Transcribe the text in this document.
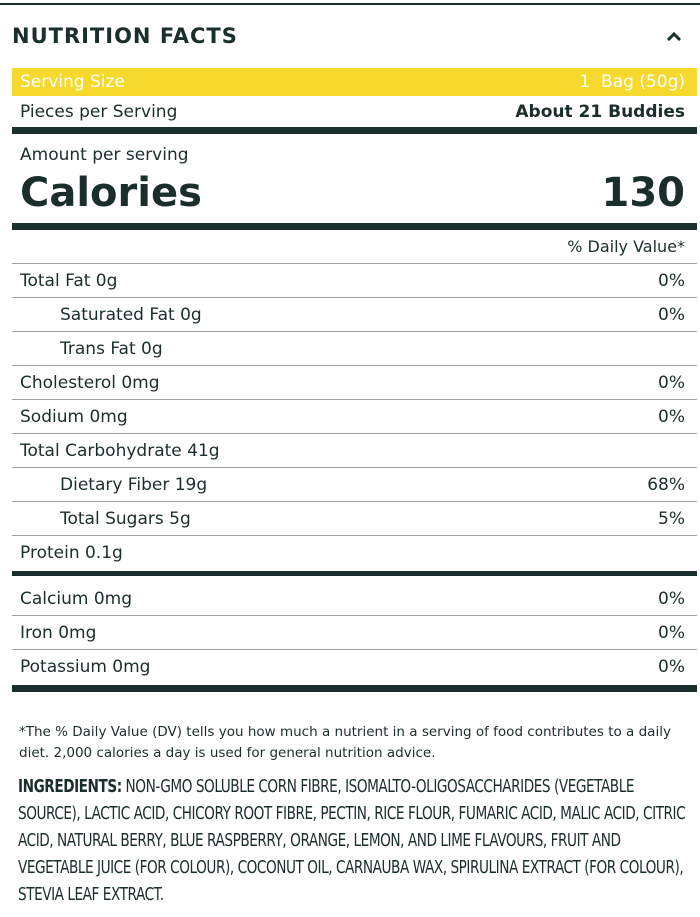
NUTRITION FACTS
Serving Size	1  Bag (50g)
Pieces per Serving	About 21 Buddies
Amount per serving
Calories	130
% Daily Value*
Total Fat 0g	0%
Saturated Fat 0g	0%
Trans Fat 0g
Cholesterol 0mg	0%
Sodium 0mg	0%
Total Carbohydrate 41g
Dietary Fiber 19g	68%
Total Sugars 5g	5%
Protein 0.1g
Calcium 0mg	0%
Iron 0mg	0%
Potassium 0mg	0%
*The % Daily Value (DV) tells you how much a nutrient in a serving of food contributes to a daily diet. 2,000 calories a day is used for general nutrition advice.
INGREDIENTS: NON-GMO SOLUBLE CORN FIBRE, ISOMALTO-OLIGOSACCHARIDES (VEGETABLE SOURCE), LACTIC ACID, CHICORY ROOT FIBRE, PECTIN, RICE FLOUR, FUMARIC ACID, MALIC ACID, CITRIC ACID, NATURAL BERRY, BLUE RASPBERRY, ORANGE, LEMON, AND LIME FLAVOURS, FRUIT AND VEGETABLE JUICE (FOR COLOUR), COCONUT OIL, CARNAUBA WAX, SPIRULINA EXTRACT (FOR COLOUR), STEVIA LEAF EXTRACT.
